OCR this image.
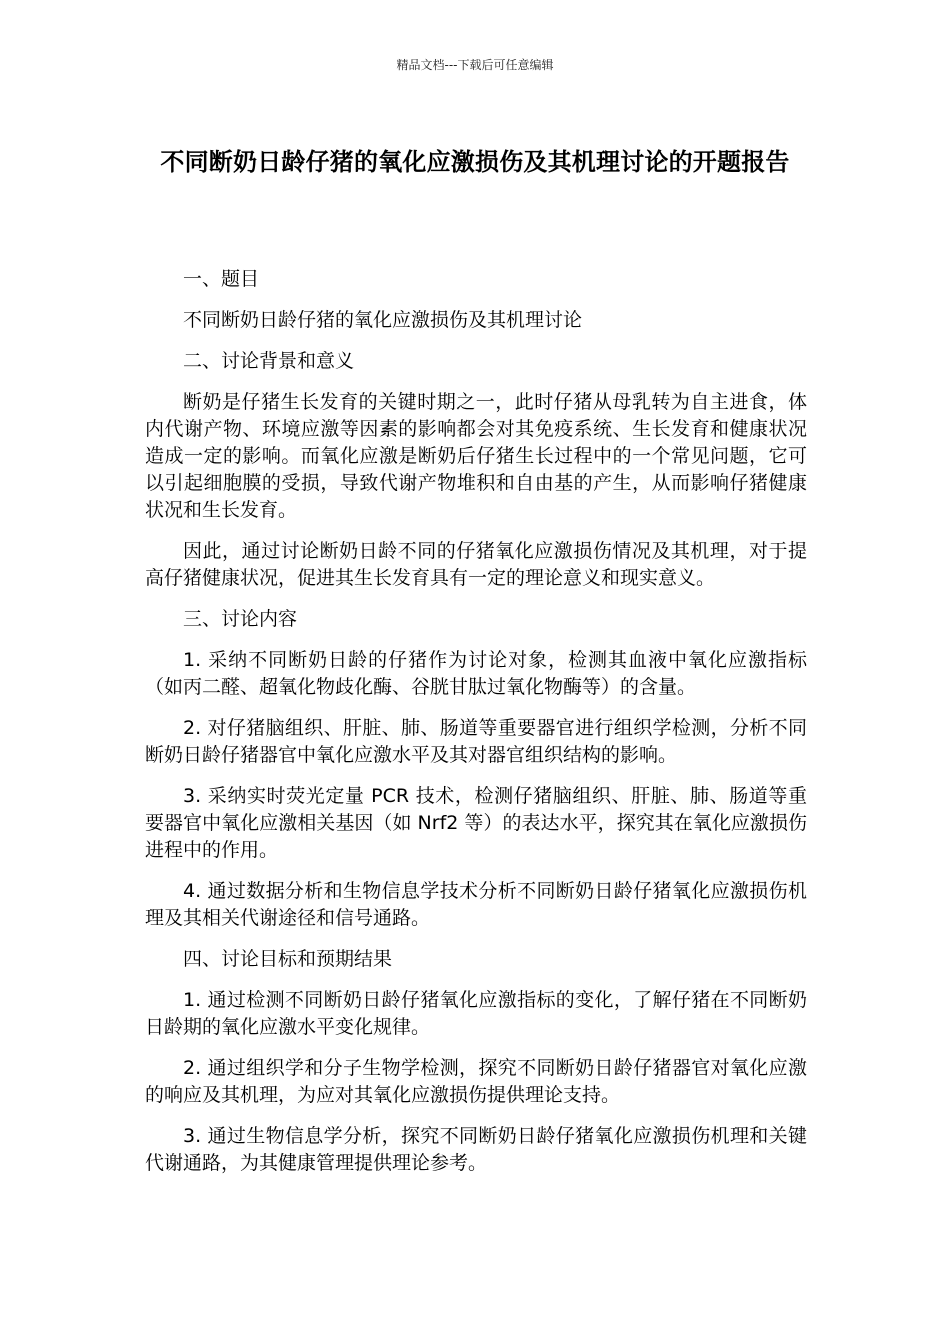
精品文档---下载后可任意编辑
不同断奶日龄仔猪的氧化应激损伤及其机理讨论的开题报告
一、题目
不同断奶日龄仔猪的氧化应激损伤及其机理讨论
二、讨论背景和意义
断奶是仔猪生长发育的关键时期之一，此时仔猪从母乳转为自主进食，体内代谢产物、环境应激等因素的影响都会对其免疫系统、生长发育和健康状况造成一定的影响。而氧化应激是断奶后仔猪生长过程中的一个常见问题，它可以引起细胞膜的受损，导致代谢产物堆积和自由基的产生，从而影响仔猪健康状况和生长发育。
因此，通过讨论断奶日龄不同的仔猪氧化应激损伤情况及其机理，对于提高仔猪健康状况，促进其生长发育具有一定的理论意义和现实意义。
三、讨论内容
1. 采纳不同断奶日龄的仔猪作为讨论对象，检测其血液中氧化应激指标（如丙二醛、超氧化物歧化酶、谷胱甘肽过氧化物酶等）的含量。
2. 对仔猪脑组织、肝脏、肺、肠道等重要器官进行组织学检测，分析不同断奶日龄仔猪器官中氧化应激水平及其对器官组织结构的影响。
3. 采纳实时荧光定量 PCR 技术，检测仔猪脑组织、肝脏、肺、肠道等重要器官中氧化应激相关基因（如 Nrf2 等）的表达水平，探究其在氧化应激损伤进程中的作用。
4. 通过数据分析和生物信息学技术分析不同断奶日龄仔猪氧化应激损伤机理及其相关代谢途径和信号通路。
四、讨论目标和预期结果
1. 通过检测不同断奶日龄仔猪氧化应激指标的变化，了解仔猪在不同断奶日龄期的氧化应激水平变化规律。
2. 通过组织学和分子生物学检测，探究不同断奶日龄仔猪器官对氧化应激的响应及其机理，为应对其氧化应激损伤提供理论支持。
3. 通过生物信息学分析，探究不同断奶日龄仔猪氧化应激损伤机理和关键代谢通路，为其健康管理提供理论参考。
